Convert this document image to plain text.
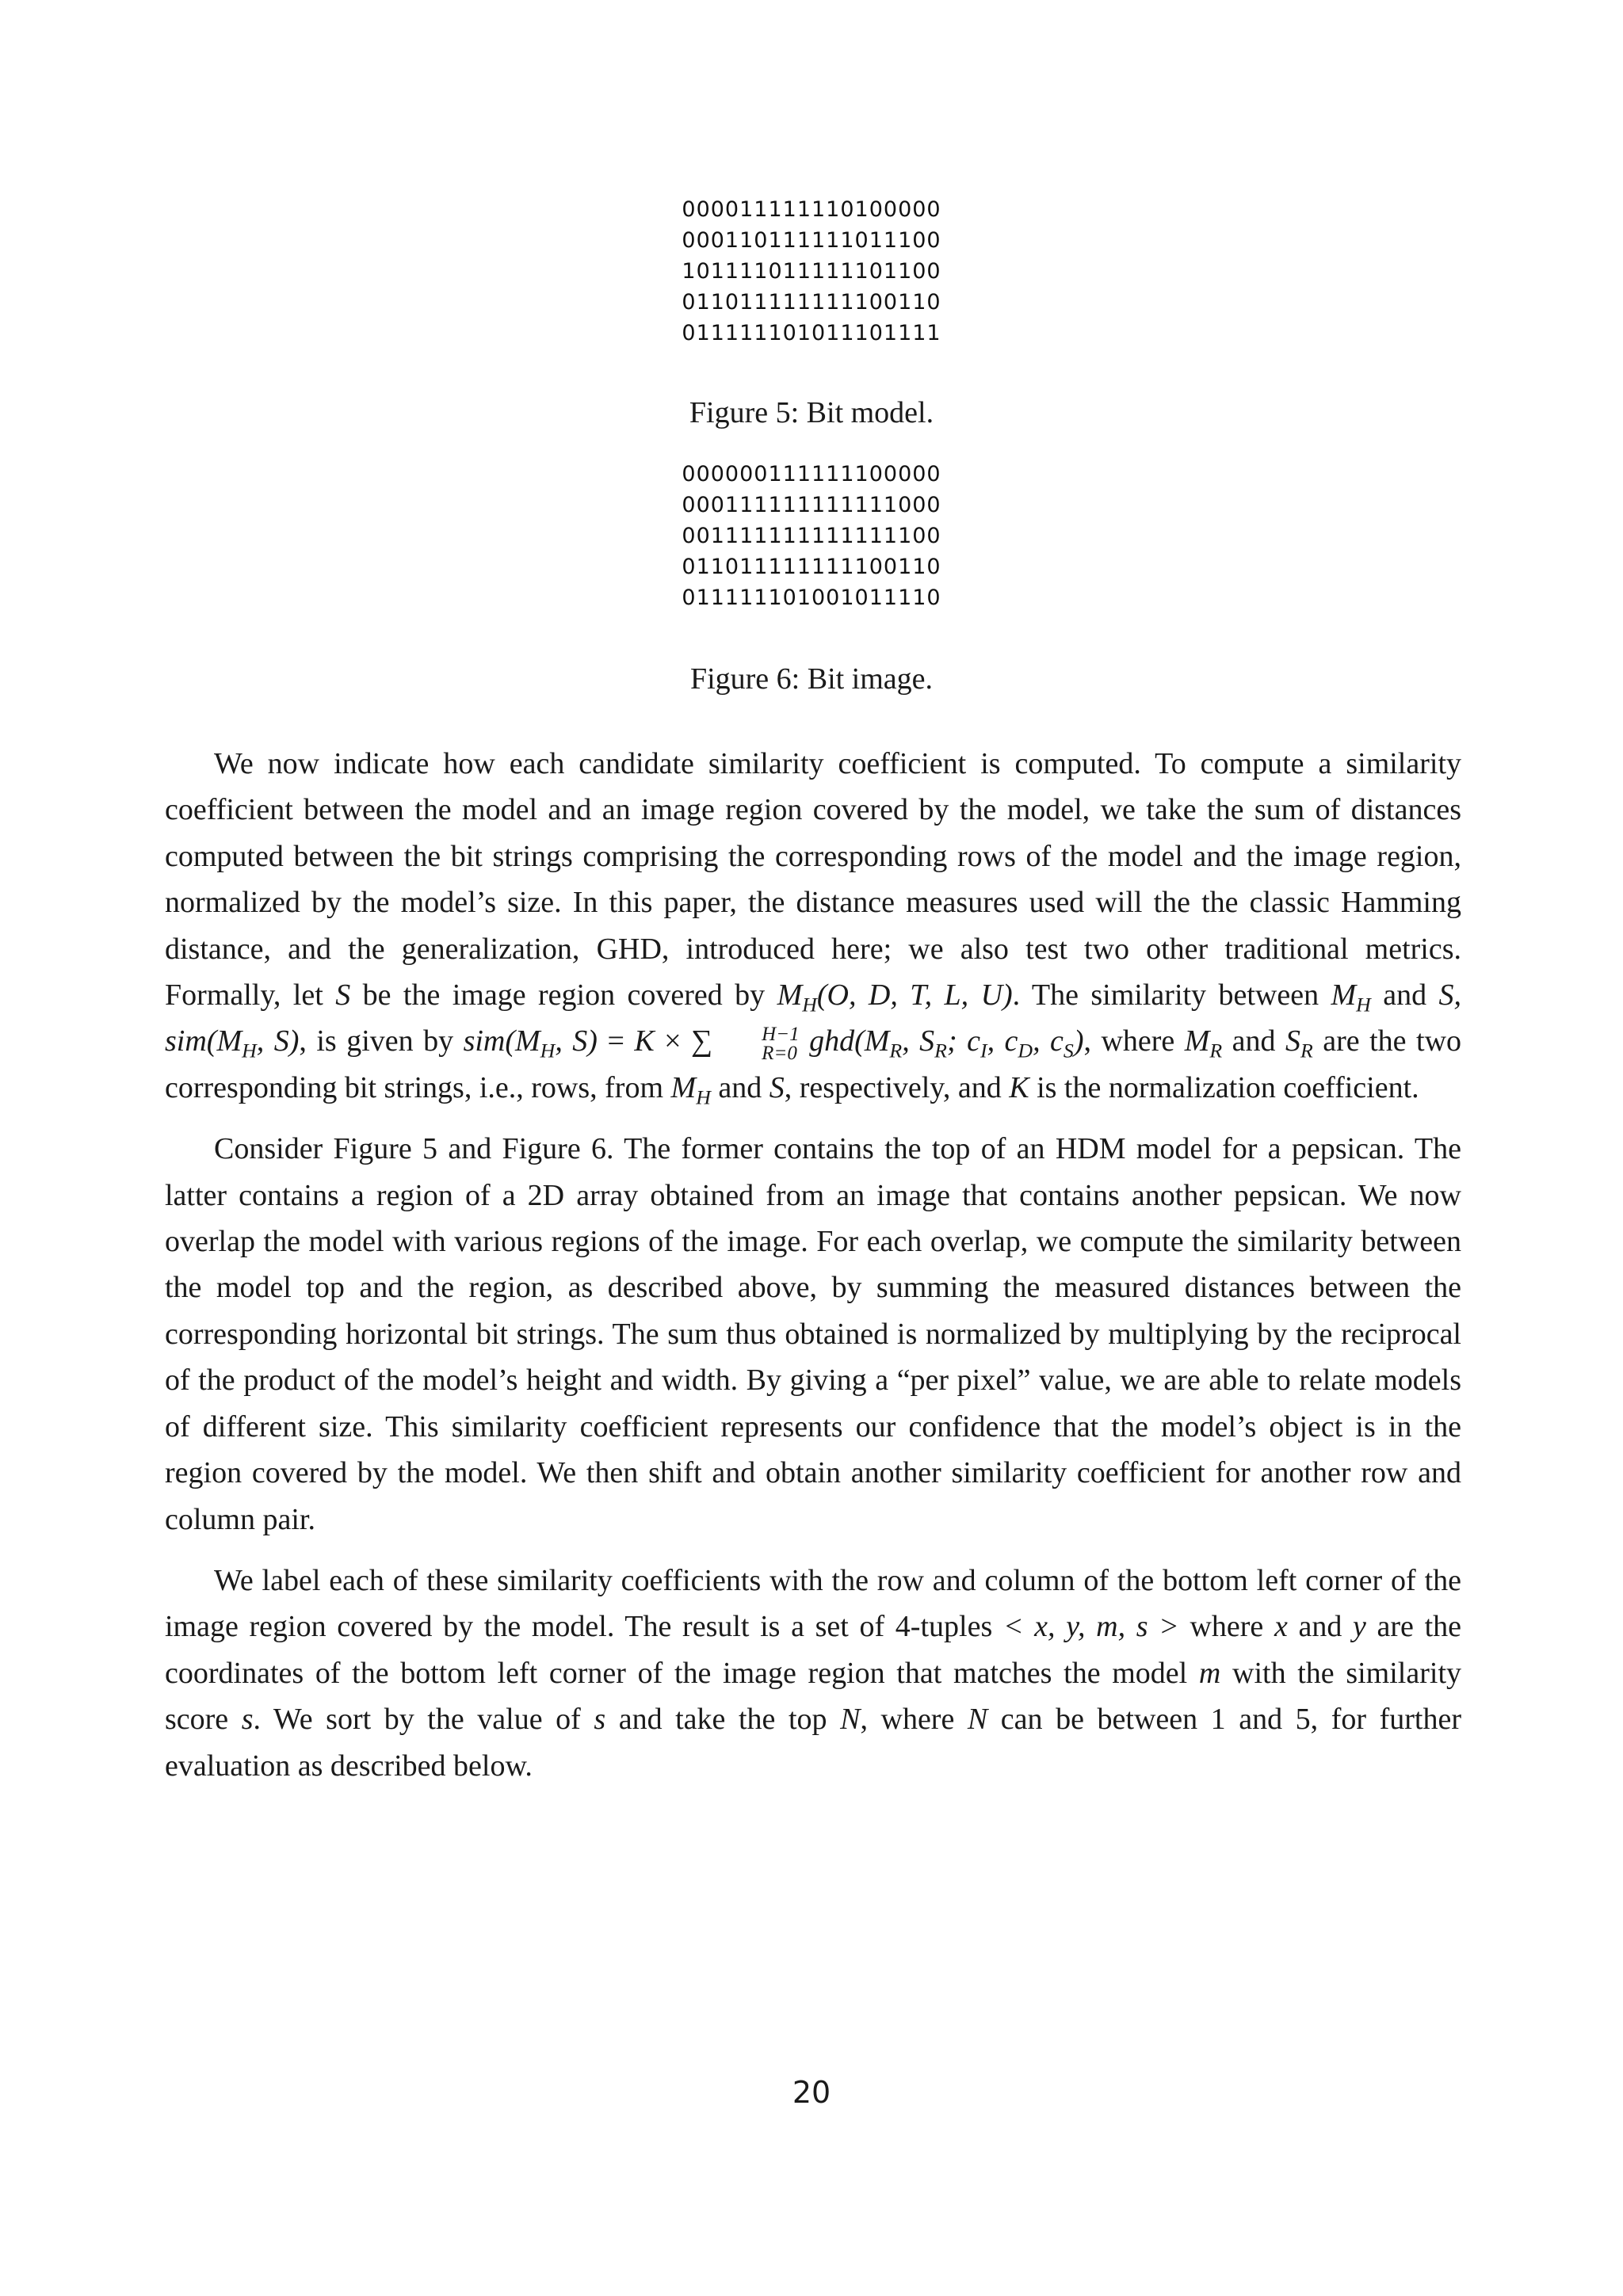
000011111110100000
000110111111011100
101111011111101100
011011111111100110
011111101011101111
Figure 5: Bit model.
000000111111100000
000111111111111000
001111111111111100
011011111111100110
011111101001011110
Figure 6: Bit image.

We now indicate how each candidate similarity coefficient is computed. To compute a similarity coefficient between the model and an image region covered by the model, we take the sum of distances computed between the bit strings comprising the corresponding rows of the model and the image region, normalized by the model’s size. In this paper, the distance measures used will the the classic Hamming distance, and the generalization, GHD, introduced here; we also test two other traditional metrics. Formally, let S be the image region covered by $M_H(O$, D, T, L, U). The similarity between $M_H$ and S, $sim(M_H$, S), is given by $sim(M_H$, S) = K × ∑	H−1
R=0 $ghd(M_R$, $S_R$; $c_I$, $c_D$, $c_S$), where $M_R$ and $S_R$ are the two corresponding bit strings, i.e., rows, from $M_H$ and S, respectively, and K is the normalization coefficient.

Consider Figure 5 and Figure 6. The former contains the top of an HDM model for a pepsican. The latter contains a region of a 2D array obtained from an image that contains another pepsican. We now overlap the model with various regions of the image. For each overlap, we compute the similarity between the model top and the region, as described above, by summing the measured distances between the corresponding horizontal bit strings. The sum thus obtained is normalized by multiplying by the reciprocal of the product of the model’s height and width. By giving a “per pixel” value, we are able to relate models of different size. This similarity coefficient represents our confidence that the model’s object is in the region covered by the model. We then shift and obtain another similarity coefficient for another row and column pair.

We label each of these similarity coefficients with the row and column of the bottom left corner of the image region covered by the model. The result is a set of 4-tuples < x, y, m, s > where x and y are the coordinates of the bottom left corner of the image region that matches the model m with the similarity score s. We sort by the value of s and take the top N, where N can be between 1 and 5, for further evaluation as described below.

20
